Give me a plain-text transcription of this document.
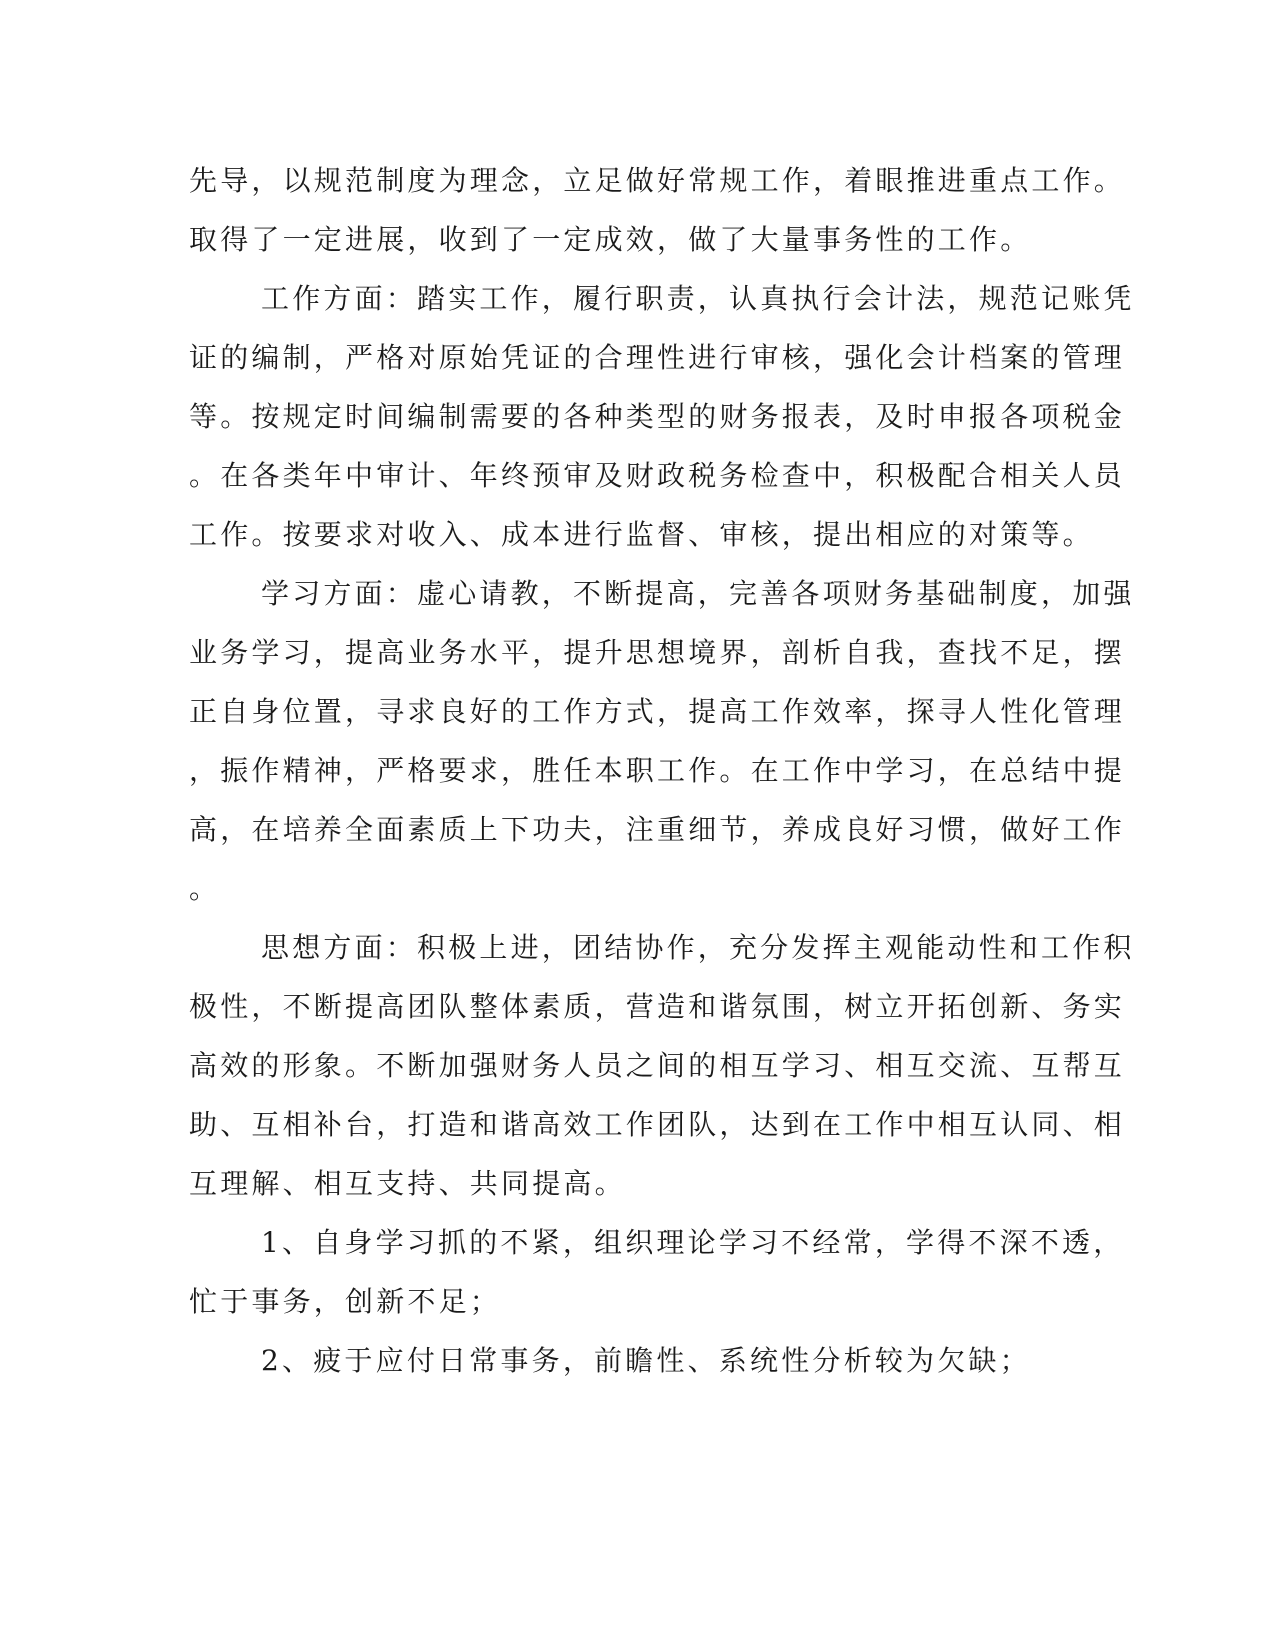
先导，以规范制度为理念，立足做好常规工作，着眼推进重点工作。
取得了一定进展，收到了一定成效，做了大量事务性的工作。
工作方面：踏实工作，履行职责，认真执行会计法，规范记账凭
证的编制，严格对原始凭证的合理性进行审核，强化会计档案的管理
等。按规定时间编制需要的各种类型的财务报表，及时申报各项税金
。在各类年中审计、年终预审及财政税务检查中，积极配合相关人员
工作。按要求对收入、成本进行监督、审核，提出相应的对策等。
学习方面：虚心请教，不断提高，完善各项财务基础制度，加强
业务学习，提高业务水平，提升思想境界，剖析自我，查找不足，摆
正自身位置，寻求良好的工作方式，提高工作效率，探寻人性化管理
，振作精神，严格要求，胜任本职工作。在工作中学习，在总结中提
高，在培养全面素质上下功夫，注重细节，养成良好习惯，做好工作
。
思想方面：积极上进，团结协作，充分发挥主观能动性和工作积
极性，不断提高团队整体素质，营造和谐氛围，树立开拓创新、务实
高效的形象。不断加强财务人员之间的相互学习、相互交流、互帮互
助、互相补台，打造和谐高效工作团队，达到在工作中相互认同、相
互理解、相互支持、共同提高。
1、自身学习抓的不紧，组织理论学习不经常，学得不深不透，
忙于事务，创新不足；
2、疲于应付日常事务，前瞻性、系统性分析较为欠缺；
